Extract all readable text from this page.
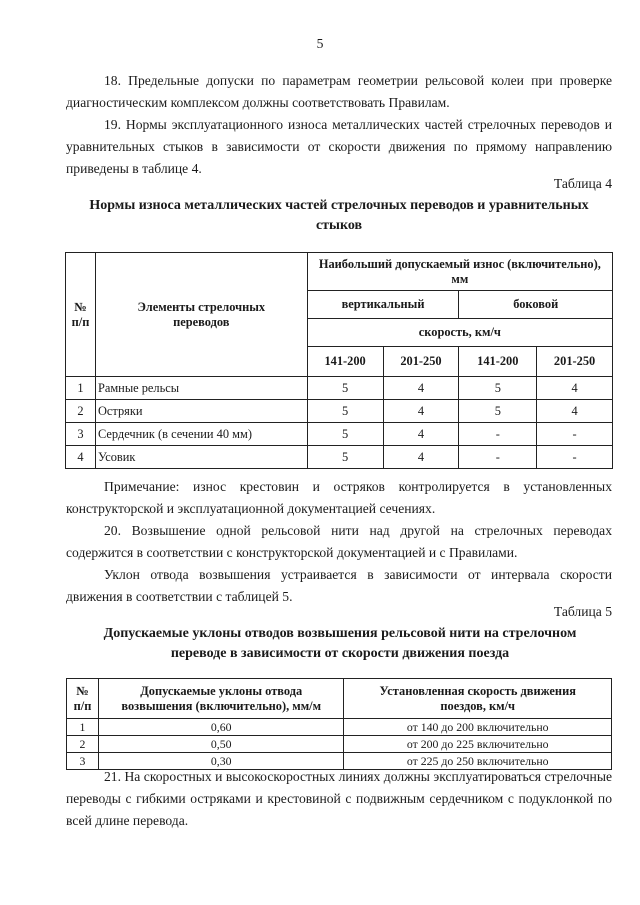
5
18. Предельные допуски по параметрам геометрии рельсовой колеи при проверке диагностическим комплексом должны соответствовать Правилам.
19. Нормы эксплуатационного износа металлических частей стрелочных переводов и уравнительных стыков в зависимости от скорости движения по прямому направлению приведены в таблице 4.
Таблица 4
Нормы износа металлических частей стрелочных переводов и уравнительных стыков
№ п/п	Элементы стрелочных переводов	Наибольший допускаемый износ (включительно), мм			
		вертикальный		боковой	
		скорость, км/ч			
		141-200	201-250	141-200	201-250
1	Рамные рельсы	5	4	5	4
2	Остряки	5	4	5	4
3	Сердечник (в сечении 40 мм)	5	4	-	-
4	Усовик	5	4	-	-
Примечание: износ крестовин и остряков контролируется в установленных конструкторской и эксплуатационной документацией сечениях.
20. Возвышение одной рельсовой нити над другой на стрелочных переводах содержится в соответствии с конструкторской документацией и с Правилами.
Уклон отвода возвышения устраивается в зависимости от интервала скорости движения в соответствии с таблицей 5.
Таблица 5
Допускаемые уклоны отводов возвышения рельсовой нити на стрелочном переводе в зависимости от скорости движения поезда
№ п/п	Допускаемые уклоны отвода возвышения (включительно), мм/м	Установленная скорость движения поездов, км/ч
1	0,60	от 140 до 200 включительно
2	0,50	от 200 до 225 включительно
3	0,30	от 225 до 250 включительно
21. На скоростных и высокоскоростных линиях должны эксплуатироваться стрелочные переводы с гибкими остряками и крестовиной с подвижным сердечником с подуклонкой по всей длине перевода.
